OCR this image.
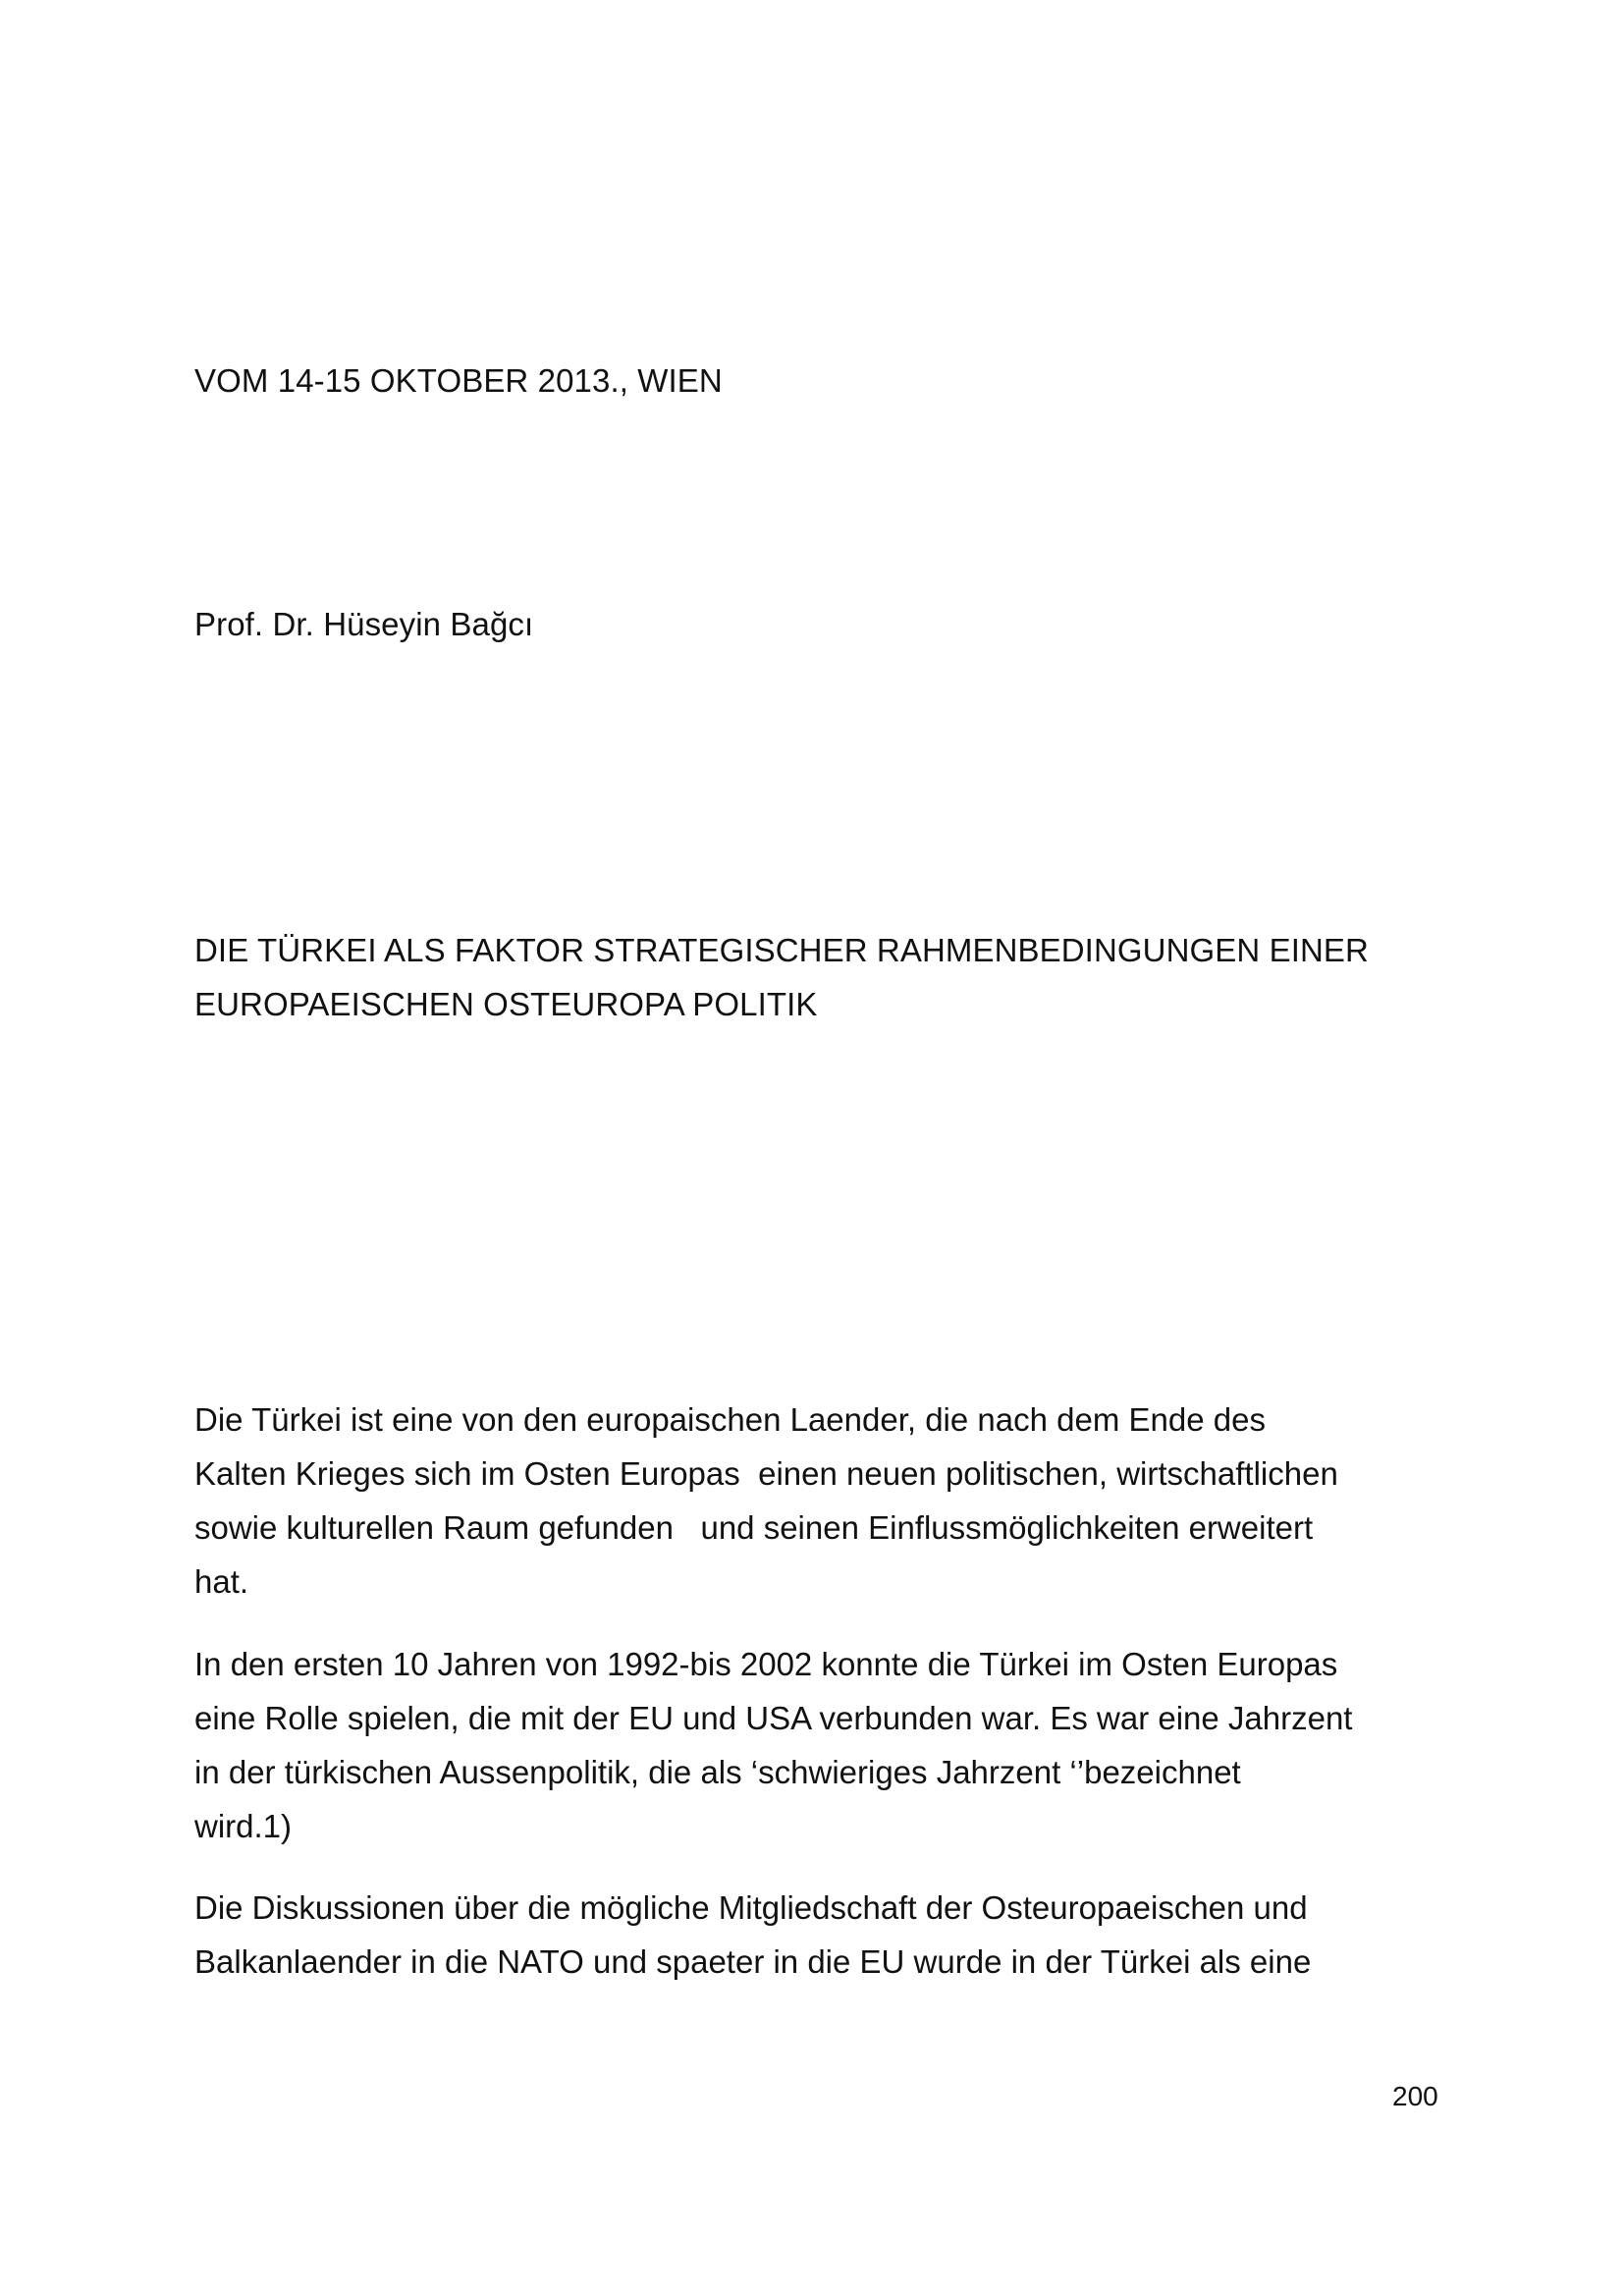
VOM 14-15 OKTOBER 2013., WIEN
Prof. Dr. Hüseyin Bağcı
DIE TÜRKEI ALS FAKTOR STRATEGISCHER RAHMENBEDINGUNGEN EINER
EUROPAEISCHEN OSTEUROPA POLITIK
Die Türkei ist eine von den europaischen Laender, die nach dem Ende des
Kalten Krieges sich im Osten Europas  einen neuen politischen, wirtschaftlichen
sowie kulturellen Raum gefunden   und seinen Einflussmöglichkeiten erweitert
hat.
In den ersten 10 Jahren von 1992-bis 2002 konnte die Türkei im Osten Europas
eine Rolle spielen, die mit der EU und USA verbunden war. Es war eine Jahrzent
in der türkischen Aussenpolitik, die als ‘schwieriges Jahrzent ‘’bezeichnet
wird.1)
Die Diskussionen über die mögliche Mitgliedschaft der Osteuropaeischen und
Balkanlaender in die NATO und spaeter in die EU wurde in der Türkei als eine
200
